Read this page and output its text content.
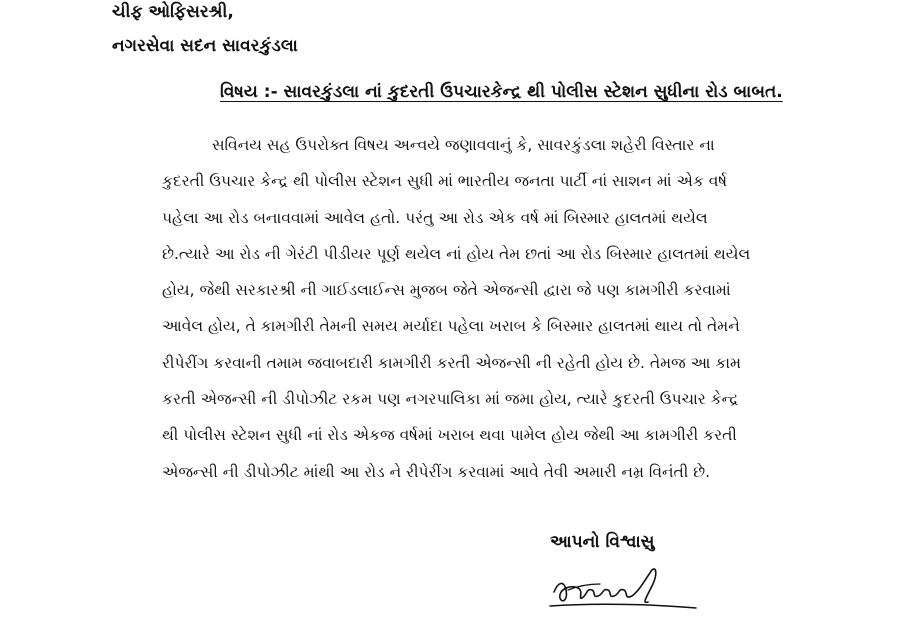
ચીફ ઓફિસરશ્રી,
નગરસેવા સદન સાવરકુંડલા
વિષય :- સાવરકુંડલા નાં કુદરતી ઉપચારકેન્દ્ર થી પોલીસ સ્ટેશન સુધીના રોડ બાબત.
સવિનય સહ ઉપરોક્ત વિષય અન્વયે જણાવવાનું કે, સાવરકુંડલા શહેરી વિસ્તાર ના
કુદરતી ઉપચાર કેન્દ્ર થી પોલીસ સ્ટેશન સુધી માં ભારતીય જનતા પાર્ટી નાં સાશન માં એક વર્ષ
પહેલા આ રોડ બનાવવામાં આવેલ હતો. પરંતુ આ રોડ એક વર્ષ માં બિસ્માર હાલતમાં થયેલ
છે.ત્યારે આ રોડ ની ગેરંટી પીડીયર પૂર્ણ થયેલ નાં હોય તેમ છતાં આ રોડ બિસ્માર હાલતમાં થયેલ
હોય, જેથી સરકારશ્રી ની ગાઈડલાઈન્સ મુજબ જેતે એજન્સી દ્વારા જે પણ કામગીરી કરવામાં
આવેલ હોય, તે કામગીરી તેમની સમય મર્યાદા પહેલા ખરાબ કે બિસ્માર હાલતમાં થાય તો તેમને
રીપેરીંગ કરવાની તમામ જવાબદારી કામગીરી કરતી એજન્સી ની રહેતી હોય છે. તેમજ આ કામ
કરતી એજન્સી ની ડીપોઝીટ રકમ પણ નગરપાલિકા માં જમા હોય, ત્યારે કુદરતી ઉપચાર કેન્દ્ર
થી પોલીસ સ્ટેશન સુધી નાં રોડ એકજ વર્ષમાં ખરાબ થવા પામેલ હોય જેથી આ કામગીરી કરતી
એજન્સી ની ડીપોઝીટ માંથી આ રોડ ને રીપેરીંગ કરવામાં આવે તેવી અમારી નમ્ર વિનંતી છે.
આપનો વિશ્વાસુ
